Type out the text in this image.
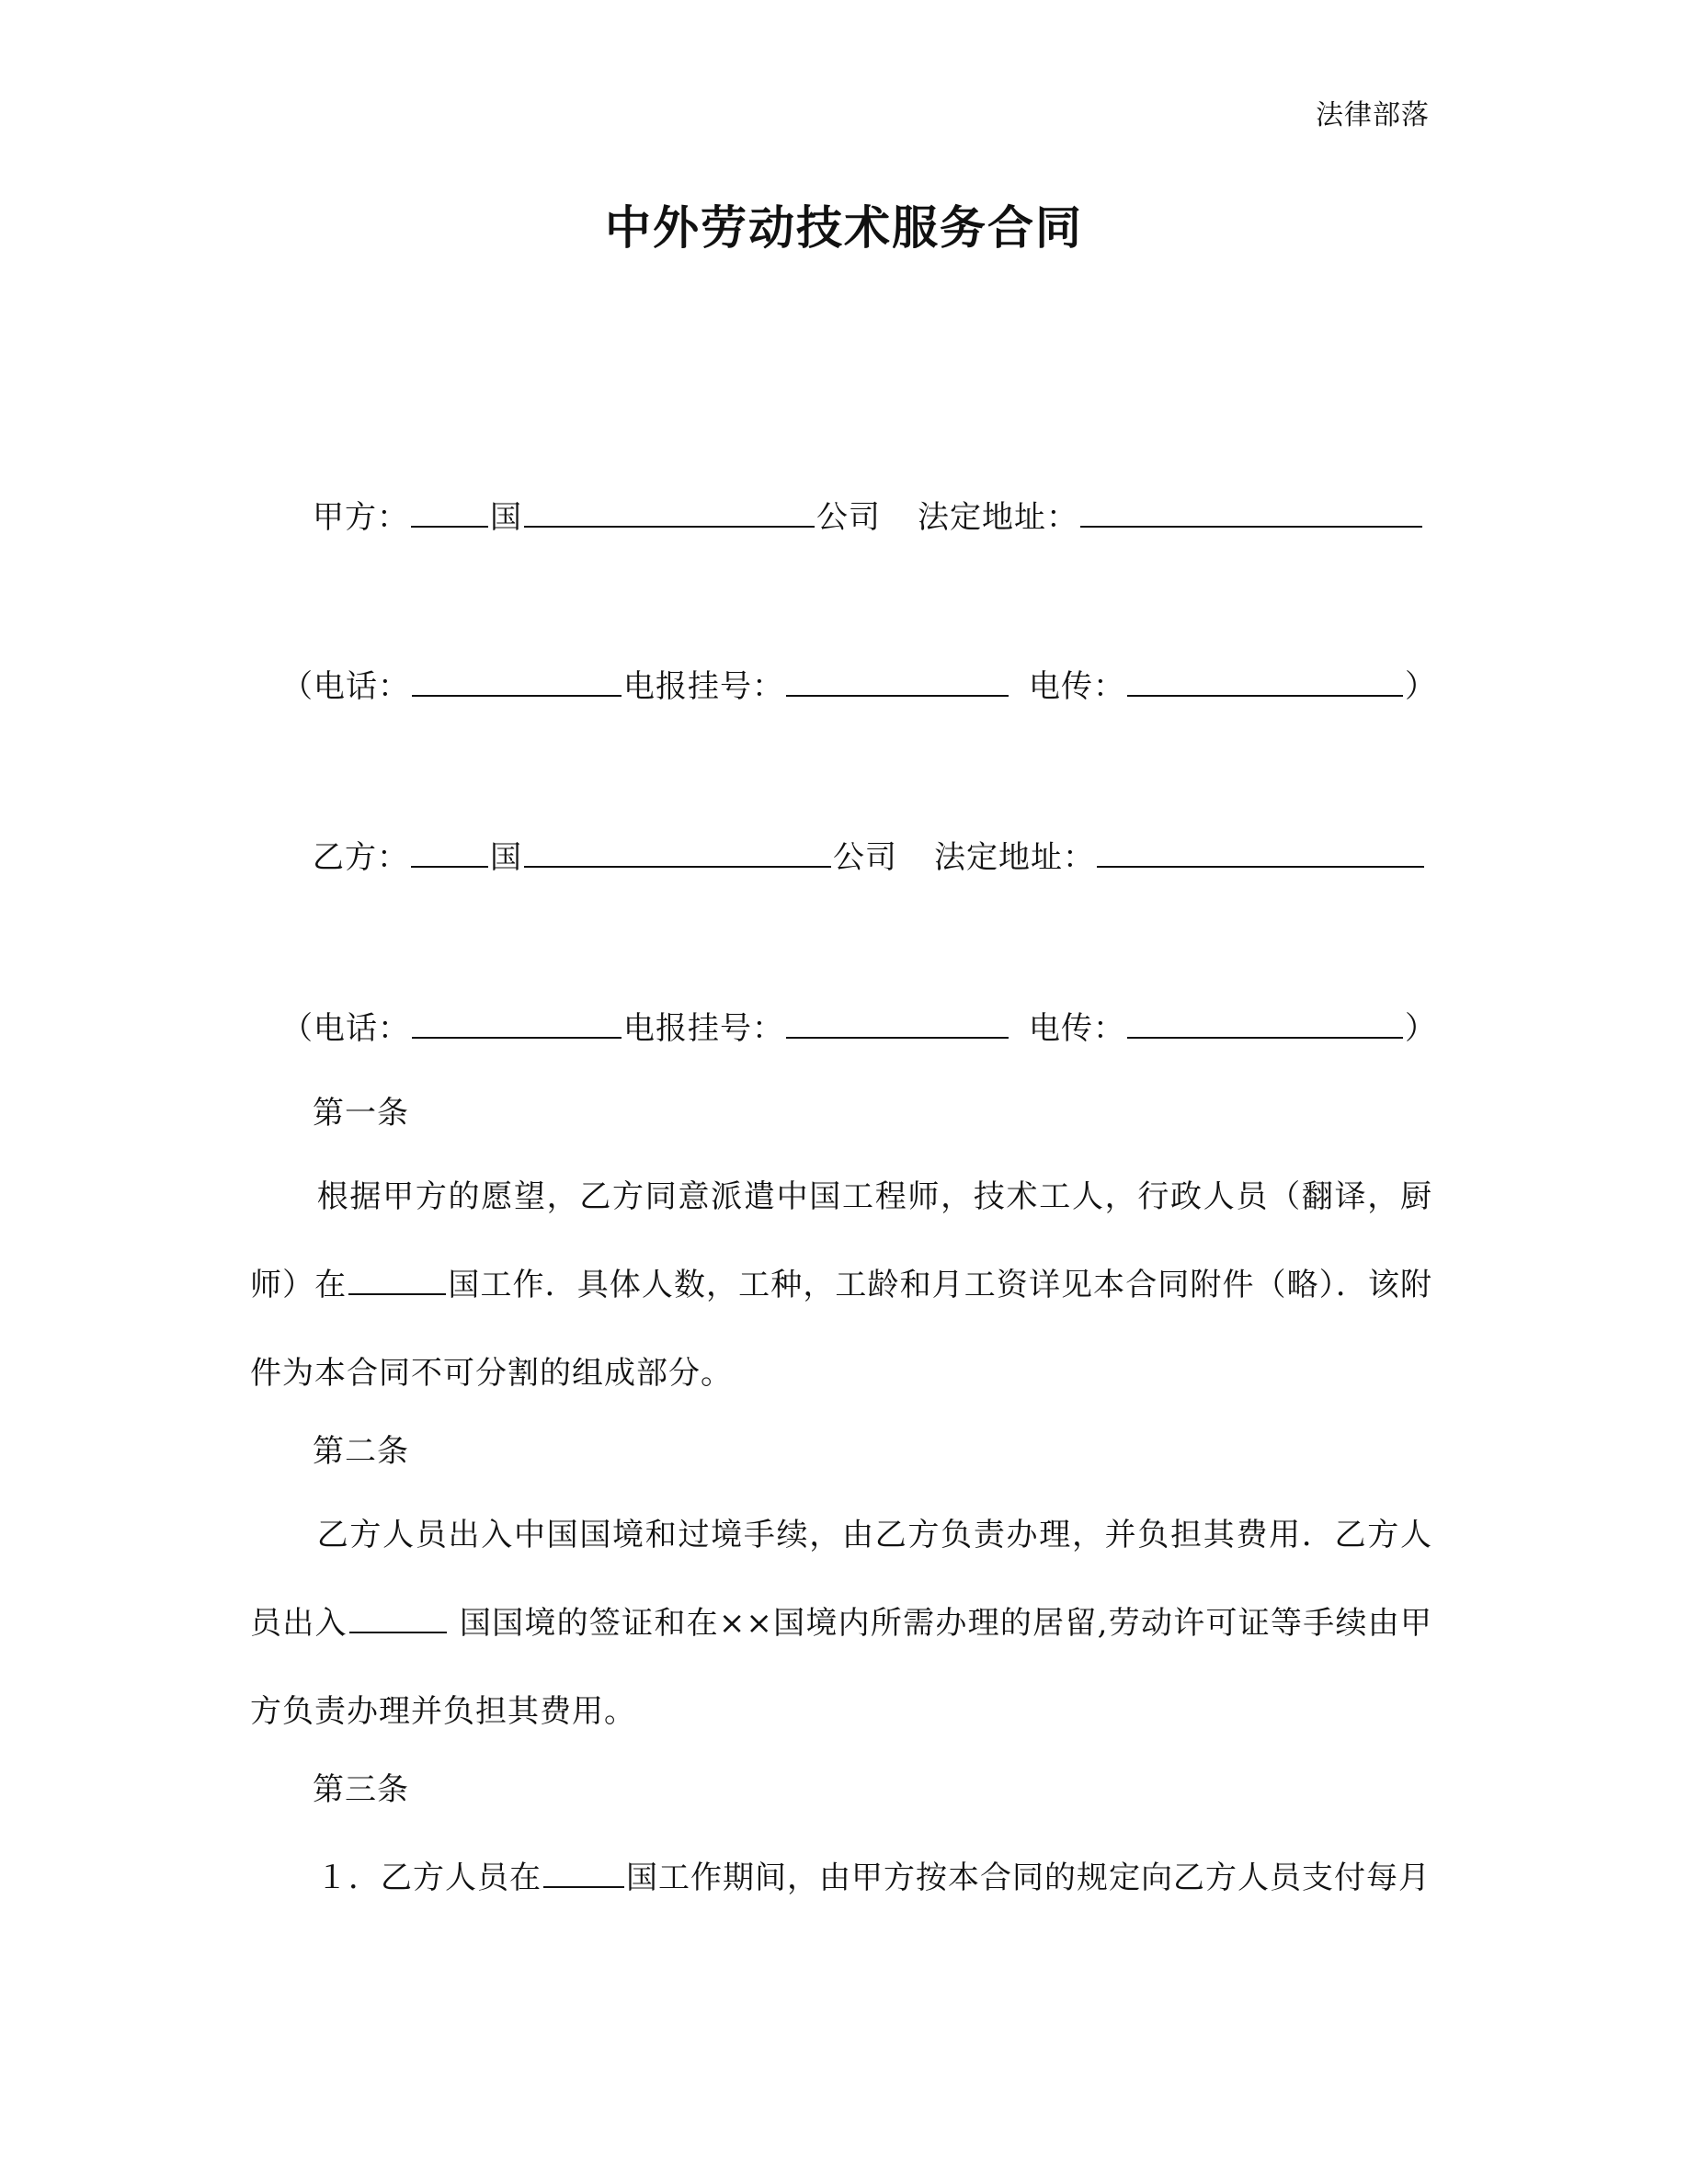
法律部落
中外劳动技术服务合同
甲方：	国	公司 法定地址：
（电话：	电报挂号：	电传：	）
乙方：	国	公司 法定地址：
（电话：	电报挂号：	电传：	）
第一条
根据甲方的愿望，乙方同意派遣中国工程师，技术工人，行政人员（翻译，厨师）在	国工作．具体人数，工种，工龄和月工资详见本合同附件（略）．该附件为本合同不可分割的组成部分。
第二条
乙方人员出入中国国境和过境手续，由乙方负责办理，并负担其费用．乙方人员出入	国国境的签证和在××国境内所需办理的居留,劳动许可证等手续由甲方负责办理并负担其费用。
第三条
１．乙方人员在	国工作期间，由甲方按本合同的规定向乙方人员支付每月
